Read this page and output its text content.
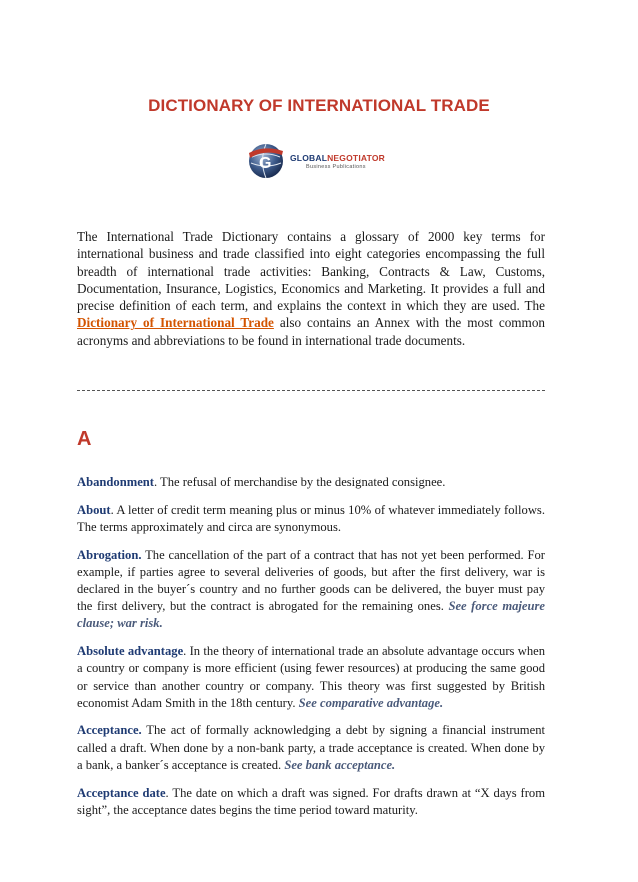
DICTIONARY OF INTERNATIONAL TRADE
G GLOBALNEGOTIATOR
Business Publications

The International Trade Dictionary contains a glossary of 2000 key terms for international business and trade classified into eight categories encompassing the full breadth of international trade activities: Banking, Contracts & Law, Customs, Documentation, Insurance, Logistics, Economics and Marketing. It provides a full and precise definition of each term, and explains the context in which they are used. The Dictionary of International Trade also contains an Annex with the most common acronyms and abbreviations to be found in international trade documents.

A

Abandonment. The refusal of merchandise by the designated consignee.

About. A letter of credit term meaning plus or minus 10% of whatever immediately follows. The terms approximately and circa are synonymous.

Abrogation. The cancellation of the part of a contract that has not yet been performed. For example, if parties agree to several deliveries of goods, but after the first delivery, war is declared in the buyer´s country and no further goods can be delivered, the buyer must pay the first delivery, but the contract is abrogated for the remaining ones. See force majeure clause; war risk.

Absolute advantage. In the theory of international trade an absolute advantage occurs when a country or company is more efficient (using fewer resources) at producing the same good or service than another country or company. This theory was first suggested by British economist Adam Smith in the 18th century. See comparative advantage.

Acceptance. The act of formally acknowledging a debt by signing a financial instrument called a draft. When done by a non-bank party, a trade acceptance is created. When done by a bank, a banker´s acceptance is created. See bank acceptance.

Acceptance date. The date on which a draft was signed. For drafts drawn at “X days from sight”, the acceptance dates begins the time period toward maturity.
